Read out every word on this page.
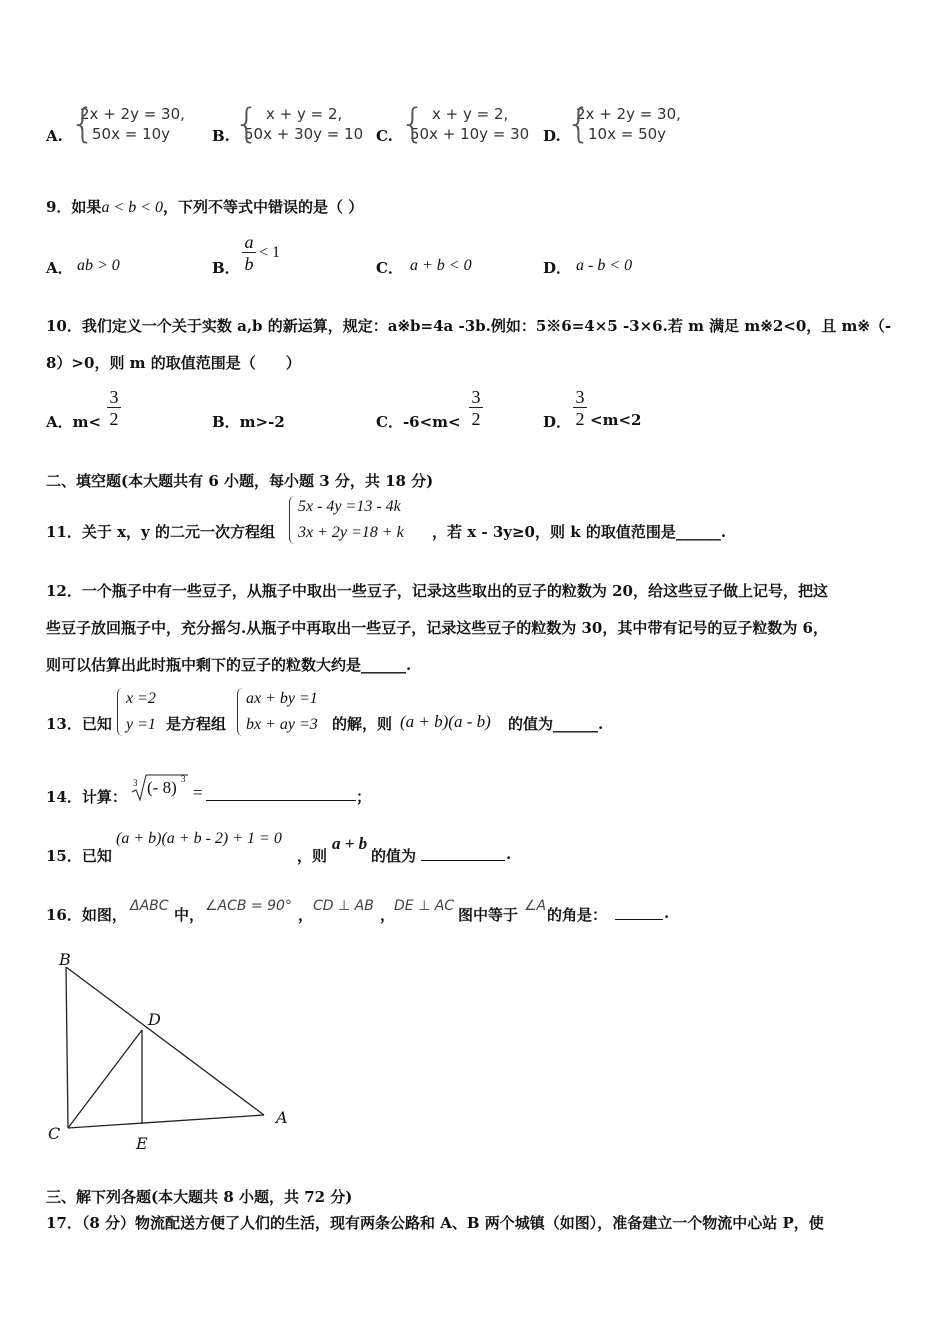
A. {
2x + 2y = 30,
50x = 10y	B. { x + y = 2,
50x + 30y = 10 C. { x + y = 2,
50x + 10y = 30 D. {
2x + 2y = 30,
10x = 50y
9．如果a < b < 0，下列不等式中错误的是（ ）
A． ab > 0	B．
a
b
< 1
C． a + b < 0	D． a - b < 0
10．我们定义一个关于实数 a,b 的新运算，规定：a※b=4a -3b.例如：5※6=4×5 -3×6.若 m 满足 m※2<0，且 m※（-
8）>0，则 m 的取值范围是（　　）
A．m<
3
2	B．m>-2	C．-6<m<
3
2	D．
3
2 <m<2
二、填空题(本大题共有 6 小题，每小题 3 分，共 18 分)
11．关于 x，y 的二元一次方程组
5x - 4y =13 - 4k
3x + 2y =18 + k ，若 x - 3y≥0，则 k 的取值范围是______.
12．一个瓶子中有一些豆子，从瓶子中取出一些豆子，记录这些取出的豆子的粒数为 20，给这些豆子做上记号，把这
些豆子放回瓶子中，充分摇匀.从瓶子中再取出一些豆子，记录这些豆子的粒数为 30，其中带有记号的豆子粒数为 6，
则可以估算出此时瓶中剩下的豆子的粒数大约是______.
13．已知
x =2
y =1 是方程组
ax + by =1
bx + ay =3 的解，则 (a + b)(a - b) 的值为______.
14．计算：
3 (- 8) 3
=	；
15．已知
(a + b)(a + b - 2) + 1 = 0
，则
a + b
的值为	.
16．如图， ΔABC 中， ∠ACB = 90° ， CD ⊥ AB ，
DE ⊥ AC 图中等于 ∠A 的角是：	.
B
D
C
E
A
三、解下列各题(本大题共 8 小题，共 72 分)
17．（8 分）物流配送方便了人们的生活，现有两条公路和 A、B 两个城镇（如图），准备建立一个物流中心站 P，使
